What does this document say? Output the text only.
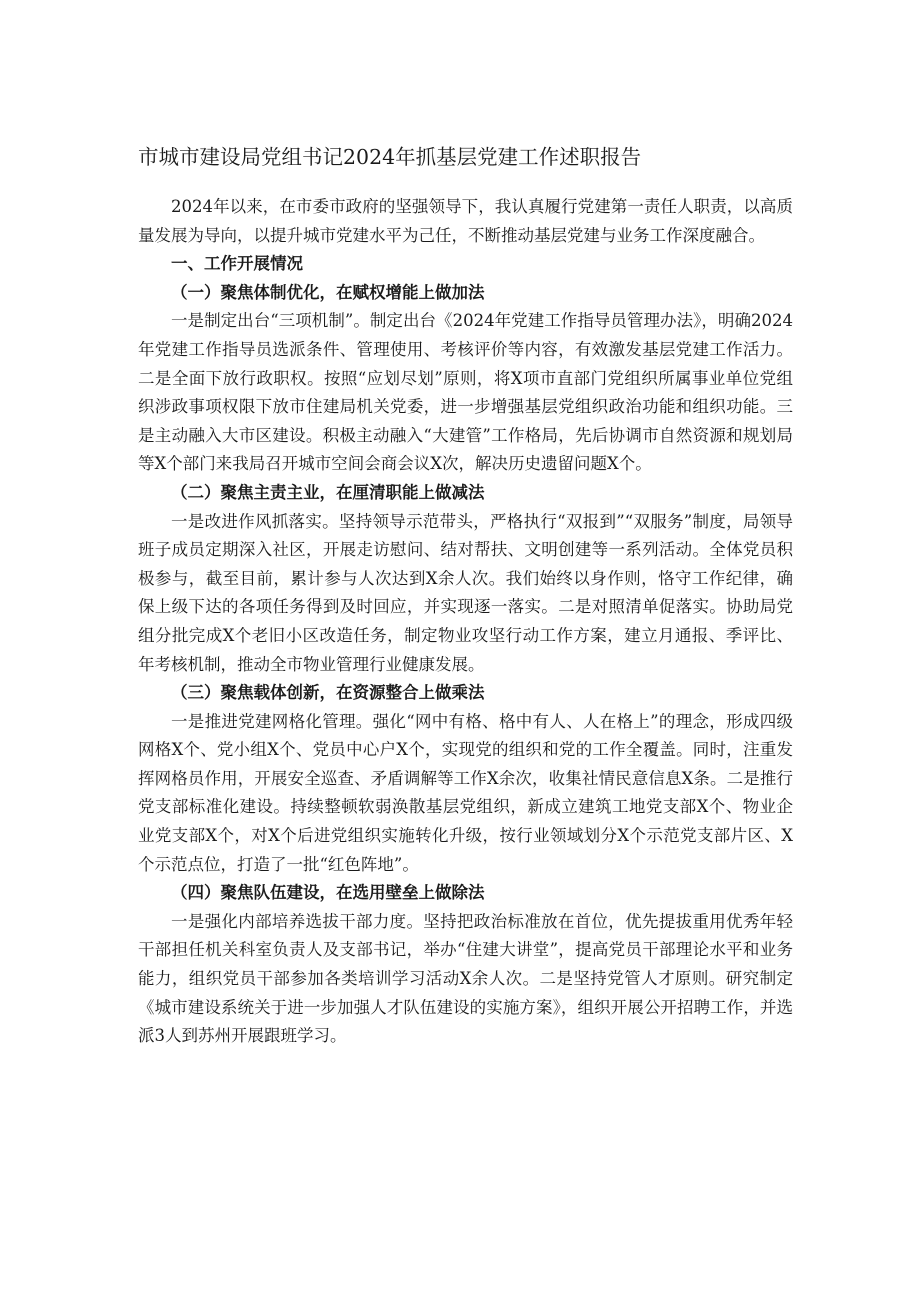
市城市建设局党组书记2024年抓基层党建工作述职报告

2024年以来，在市委市政府的坚强领导下，我认真履行党建第一责任人职责，以高质量发展为导向，以提升城市党建水平为己任，不断推动基层党建与业务工作深度融合。

一、工作开展情况

（一）聚焦体制优化，在赋权增能上做加法

一是制定出台“三项机制”。制定出台《2024年党建工作指导员管理办法》，明确2024年党建工作指导员选派条件、管理使用、考核评价等内容，有效激发基层党建工作活力。二是全面下放行政职权。按照“应划尽划”原则，将X项市直部门党组织所属事业单位党组织涉政事项权限下放市住建局机关党委，进一步增强基层党组织政治功能和组织功能。三是主动融入大市区建设。积极主动融入“大建管”工作格局，先后协调市自然资源和规划局等X个部门来我局召开城市空间会商会议X次，解决历史遗留问题X个。

（二）聚焦主责主业，在厘清职能上做减法

一是改进作风抓落实。坚持领导示范带头，严格执行“双报到”“双服务”制度，局领导班子成员定期深入社区，开展走访慰问、结对帮扶、文明创建等一系列活动。全体党员积极参与，截至目前，累计参与人次达到X余人次。我们始终以身作则，恪守工作纪律，确保上级下达的各项任务得到及时回应，并实现逐一落实。二是对照清单促落实。协助局党组分批完成X个老旧小区改造任务，制定物业攻坚行动工作方案，建立月通报、季评比、年考核机制，推动全市物业管理行业健康发展。

（三）聚焦载体创新，在资源整合上做乘法

一是推进党建网格化管理。强化“网中有格、格中有人、人在格上”的理念，形成四级网格X个、党小组X个、党员中心户X个，实现党的组织和党的工作全覆盖。同时，注重发挥网格员作用，开展安全巡查、矛盾调解等工作X余次，收集社情民意信息X条。二是推行党支部标准化建设。持续整顿软弱涣散基层党组织，新成立建筑工地党支部X个、物业企业党支部X个，对X个后进党组织实施转化升级，按行业领域划分X个示范党支部片区、X个示范点位，打造了一批“红色阵地”。

（四）聚焦队伍建设，在选用壁垒上做除法

一是强化内部培养选拔干部力度。坚持把政治标准放在首位，优先提拔重用优秀年轻干部担任机关科室负责人及支部书记，举办“住建大讲堂”，提高党员干部理论水平和业务能力，组织党员干部参加各类培训学习活动X余人次。二是坚持党管人才原则。研究制定《城市建设系统关于进一步加强人才队伍建设的实施方案》，组织开展公开招聘工作，并选派3人到苏州开展跟班学习。
